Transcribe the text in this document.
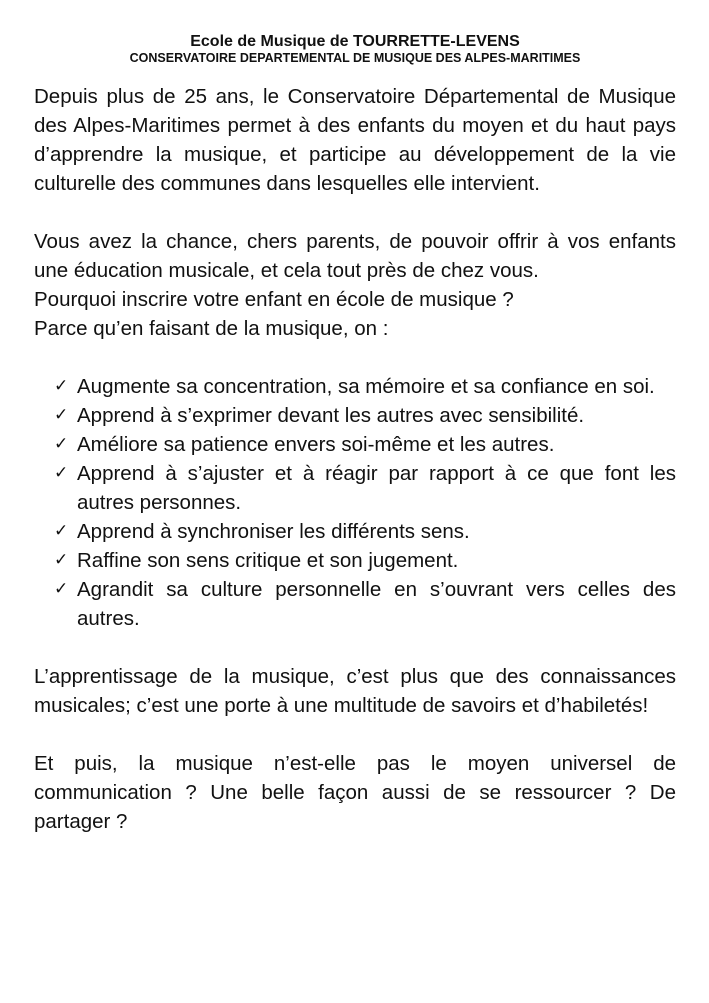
Ecole de Musique de TOURRETTE-LEVENS
CONSERVATOIRE DEPARTEMENTAL DE MUSIQUE DES ALPES-MARITIMES

Depuis plus de 25 ans, le Conservatoire Départemental de Musique des Alpes-Maritimes permet à des enfants du moyen et du haut pays d’apprendre la musique, et participe au développement de la vie culturelle des communes dans lesquelles elle intervient.

Vous avez la chance, chers parents, de pouvoir offrir à vos enfants une éducation musicale, et cela tout près de chez vous.
Pourquoi inscrire votre enfant en école de musique ?
Parce qu’en faisant de la musique, on :

✓ Augmente sa concentration, sa mémoire et sa confiance en soi.
✓ Apprend à s’exprimer devant les autres avec sensibilité.
✓ Améliore sa patience envers soi-même et les autres.
✓ Apprend à s’ajuster et à réagir par rapport à ce que font les autres personnes.
✓ Apprend à synchroniser les différents sens.
✓ Raffine son sens critique et son jugement.
✓ Agrandit sa culture personnelle en s’ouvrant vers celles des autres.

L’apprentissage de la musique, c’est plus que des connaissances musicales; c’est une porte à une multitude de savoirs et d’habiletés!

Et puis, la musique n’est-elle pas le moyen universel de communication ? Une belle façon aussi de se ressourcer ? De partager ?
